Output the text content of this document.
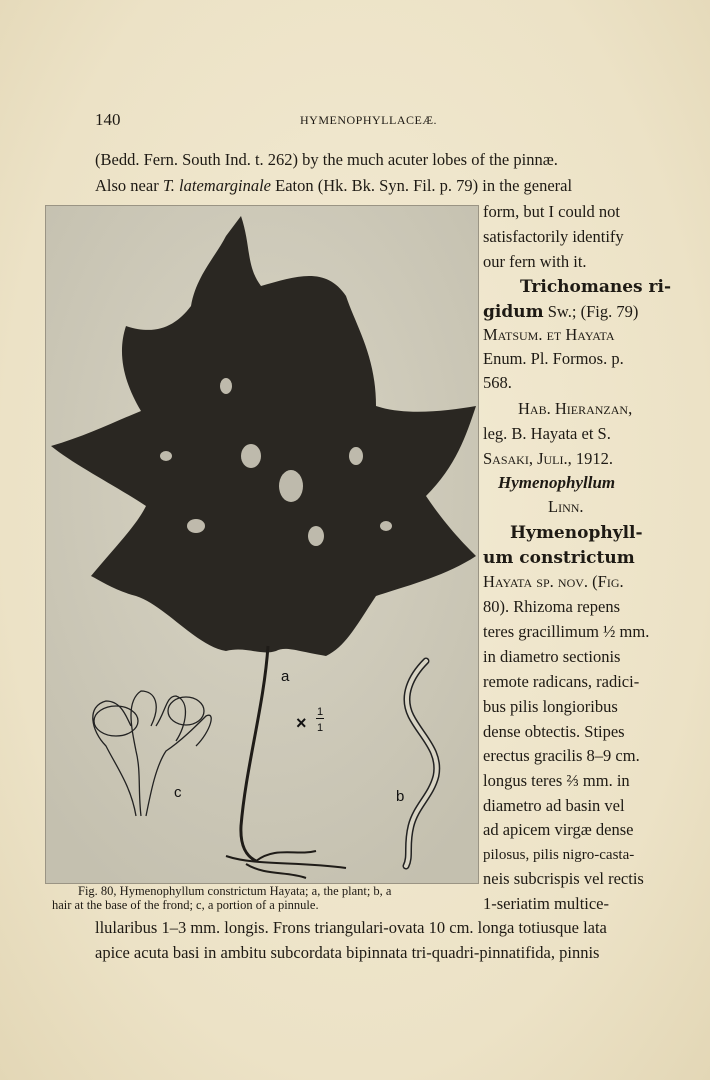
140	HYMENOPHYLLACEÆ.
(Bedd. Fern. South Ind. t. 262) by the much acuter lobes of the pinnæ.
Also near T. latemarginale Eaton (Hk. Bk. Syn. Fil. p. 79) in the general
a
b
c
×
1
1
Fig. 80, Hymenophyllum constrictum Hayata; a, the plant; b, a
hair at the base of the frond; c, a portion of a pinnule.
form, but I could not
satisfactorily identify
our fern with it.
Trichomanes ri-
gidum Sw.; (Fig. 79)
Matsum. et Hayata
Enum. Pl. Formos. p.
568.
Hab. Hieranzan,
leg. B. Hayata et S.
Sasaki, Juli., 1912.
Hymenophyllum
Linn.
Hymenophyll-
um constrictum
Hayata sp. nov. (Fig.
80). Rhizoma repens
teres gracillimum ½ mm.
in diametro sectionis
remote radicans, radici-
bus pilis longioribus
dense obtectis. Stipes
erectus gracilis 8–9 cm.
longus teres ⅔ mm. in
diametro ad basin vel
ad apicem virgæ dense
pilosus, pilis nigro-casta-
neis subcrispis vel rectis
1-seriatim multice-
llularibus 1–3 mm. longis. Frons triangulari-ovata 10 cm. longa totiusque lata
apice acuta basi in ambitu subcordata bipinnata tri-quadri-pinnatifida, pinnis
